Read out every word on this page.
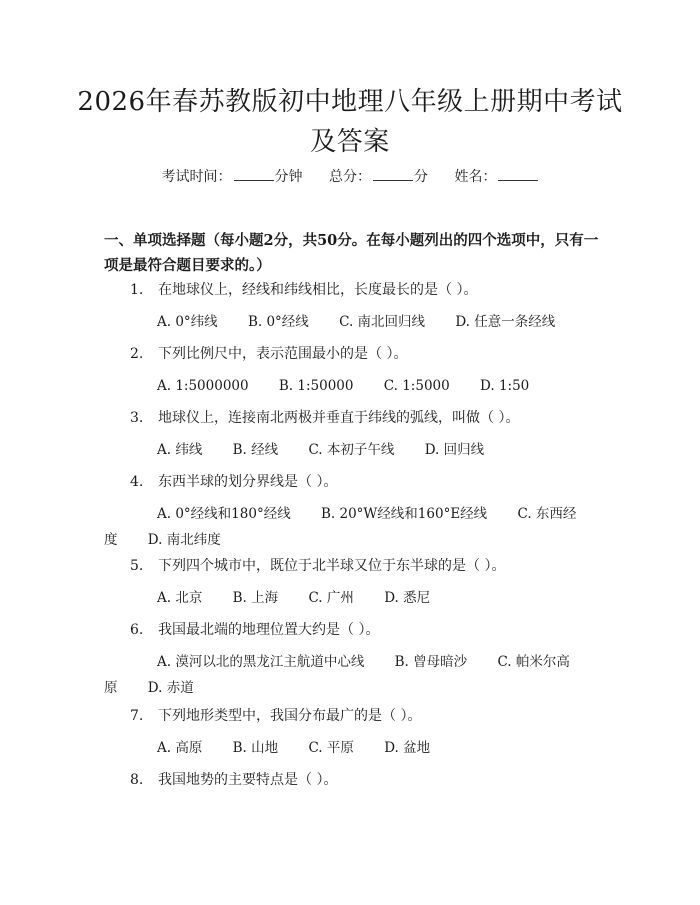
2026年春苏教版初中地理八年级上册期中考试及答案
考试时间：	分钟 总分：	分 姓名：
一、单项选择题（每小题2分，共50分。在每小题列出的四个选项中，只有一项是最符合题目要求的。）
1. 在地球仪上，经线和纬线相比，长度最长的是（ ）。
A. 0°纬线 B. 0°经线 C. 南北回归线 D. 任意一条经线
2. 下列比例尺中，表示范围最小的是（ ）。
A. 1:5000000 B. 1:50000 C. 1:5000 D. 1:50
3. 地球仪上，连接南北两极并垂直于纬线的弧线，叫做（ ）。
A. 纬线 B. 经线 C. 本初子午线 D. 回归线
4. 东西半球的划分界线是（ ）。
A. 0°经线和180°经线 B. 20°W经线和160°E经线 C. 东西经度 D. 南北纬度
5. 下列四个城市中，既位于北半球又位于东半球的是（ ）。
A. 北京 B. 上海 C. 广州 D. 悉尼
6. 我国最北端的地理位置大约是（ ）。
A. 漠河以北的黑龙江主航道中心线 B. 曾母暗沙 C. 帕米尔高原 D. 赤道
7. 下列地形类型中，我国分布最广的是（ ）。
A. 高原 B. 山地 C. 平原 D. 盆地
8. 我国地势的主要特点是（ ）。
